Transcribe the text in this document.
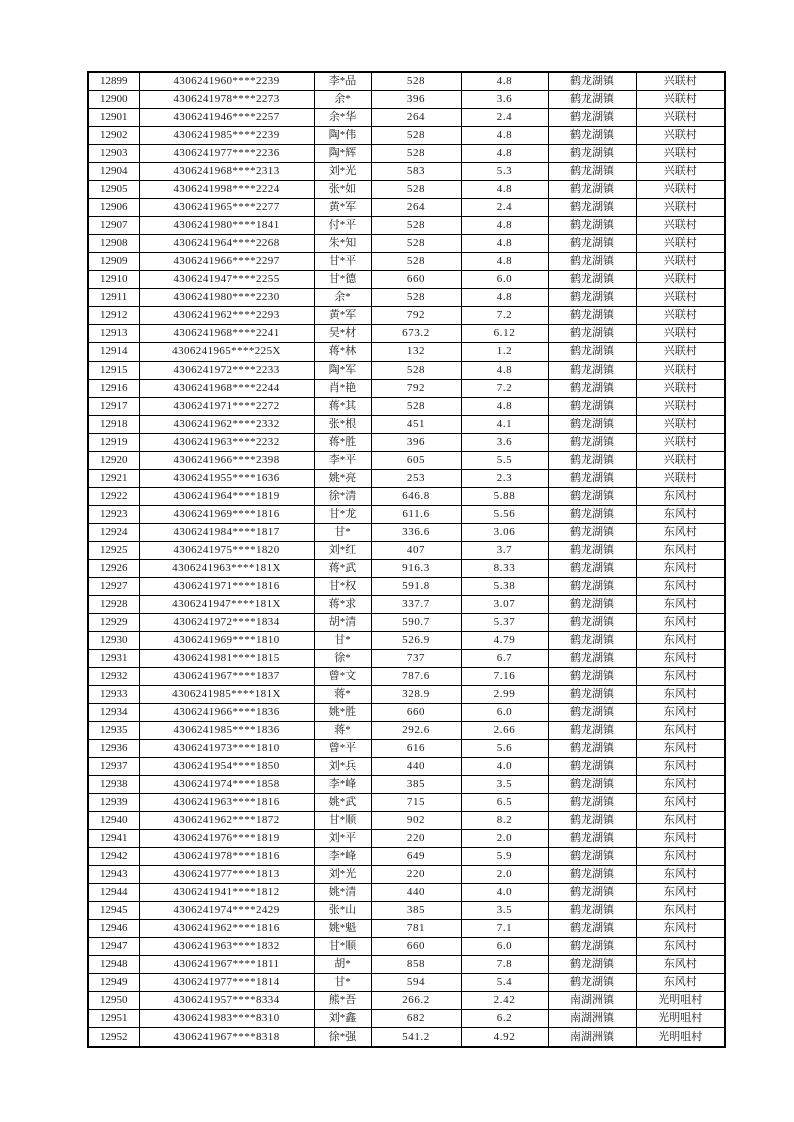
12899	4306241960****2239	李*品	528	4.8	鹤龙湖镇	兴联村
12900	4306241978****2273	余*	396	3.6	鹤龙湖镇	兴联村
12901	4306241946****2257	余*华	264	2.4	鹤龙湖镇	兴联村
12902	4306241985****2239	陶*伟	528	4.8	鹤龙湖镇	兴联村
12903	4306241977****2236	陶*辉	528	4.8	鹤龙湖镇	兴联村
12904	4306241968****2313	刘*光	583	5.3	鹤龙湖镇	兴联村
12905	4306241998****2224	张*如	528	4.8	鹤龙湖镇	兴联村
12906	4306241965****2277	黄*军	264	2.4	鹤龙湖镇	兴联村
12907	4306241980****1841	付*平	528	4.8	鹤龙湖镇	兴联村
12908	4306241964****2268	朱*知	528	4.8	鹤龙湖镇	兴联村
12909	4306241966****2297	甘*平	528	4.8	鹤龙湖镇	兴联村
12910	4306241947****2255	甘*德	660	6.0	鹤龙湖镇	兴联村
12911	4306241980****2230	余*	528	4.8	鹤龙湖镇	兴联村
12912	4306241962****2293	黄*军	792	7.2	鹤龙湖镇	兴联村
12913	4306241968****2241	吴*材	673.2	6.12	鹤龙湖镇	兴联村
12914	4306241965****225X	蒋*林	132	1.2	鹤龙湖镇	兴联村
12915	4306241972****2233	陶*军	528	4.8	鹤龙湖镇	兴联村
12916	4306241968****2244	肖*艳	792	7.2	鹤龙湖镇	兴联村
12917	4306241971****2272	蒋*其	528	4.8	鹤龙湖镇	兴联村
12918	4306241962****2332	张*根	451	4.1	鹤龙湖镇	兴联村
12919	4306241963****2232	蒋*胜	396	3.6	鹤龙湖镇	兴联村
12920	4306241966****2398	李*平	605	5.5	鹤龙湖镇	兴联村
12921	4306241955****1636	姚*亮	253	2.3	鹤龙湖镇	兴联村
12922	4306241964****1819	徐*清	646.8	5.88	鹤龙湖镇	东风村
12923	4306241969****1816	甘*龙	611.6	5.56	鹤龙湖镇	东风村
12924	4306241984****1817	甘*	336.6	3.06	鹤龙湖镇	东风村
12925	4306241975****1820	刘*红	407	3.7	鹤龙湖镇	东风村
12926	4306241963****181X	蒋*武	916.3	8.33	鹤龙湖镇	东风村
12927	4306241971****1816	甘*权	591.8	5.38	鹤龙湖镇	东风村
12928	4306241947****181X	蒋*求	337.7	3.07	鹤龙湖镇	东风村
12929	4306241972****1834	胡*清	590.7	5.37	鹤龙湖镇	东风村
12930	4306241969****1810	甘*	526.9	4.79	鹤龙湖镇	东风村
12931	4306241981****1815	徐*	737	6.7	鹤龙湖镇	东风村
12932	4306241967****1837	曾*文	787.6	7.16	鹤龙湖镇	东风村
12933	4306241985****181X	蒋*	328.9	2.99	鹤龙湖镇	东风村
12934	4306241966****1836	姚*胜	660	6.0	鹤龙湖镇	东风村
12935	4306241985****1836	蒋*	292.6	2.66	鹤龙湖镇	东风村
12936	4306241973****1810	曾*平	616	5.6	鹤龙湖镇	东风村
12937	4306241954****1850	刘*兵	440	4.0	鹤龙湖镇	东风村
12938	4306241974****1858	李*峰	385	3.5	鹤龙湖镇	东风村
12939	4306241963****1816	姚*武	715	6.5	鹤龙湖镇	东风村
12940	4306241962****1872	甘*顺	902	8.2	鹤龙湖镇	东风村
12941	4306241976****1819	刘*平	220	2.0	鹤龙湖镇	东风村
12942	4306241978****1816	李*峰	649	5.9	鹤龙湖镇	东风村
12943	4306241977****1813	刘*光	220	2.0	鹤龙湖镇	东风村
12944	4306241941****1812	姚*清	440	4.0	鹤龙湖镇	东风村
12945	4306241974****2429	张*山	385	3.5	鹤龙湖镇	东风村
12946	4306241962****1816	姚*魁	781	7.1	鹤龙湖镇	东风村
12947	4306241963****1832	甘*顺	660	6.0	鹤龙湖镇	东风村
12948	4306241967****1811	胡*	858	7.8	鹤龙湖镇	东风村
12949	4306241977****1814	甘*	594	5.4	鹤龙湖镇	东风村
12950	4306241957****8334	熊*吾	266.2	2.42	南湖洲镇	光明咀村
12951	4306241983****8310	刘*鑫	682	6.2	南湖洲镇	光明咀村
12952	4306241967****8318	徐*强	541.2	4.92	南湖洲镇	光明咀村
